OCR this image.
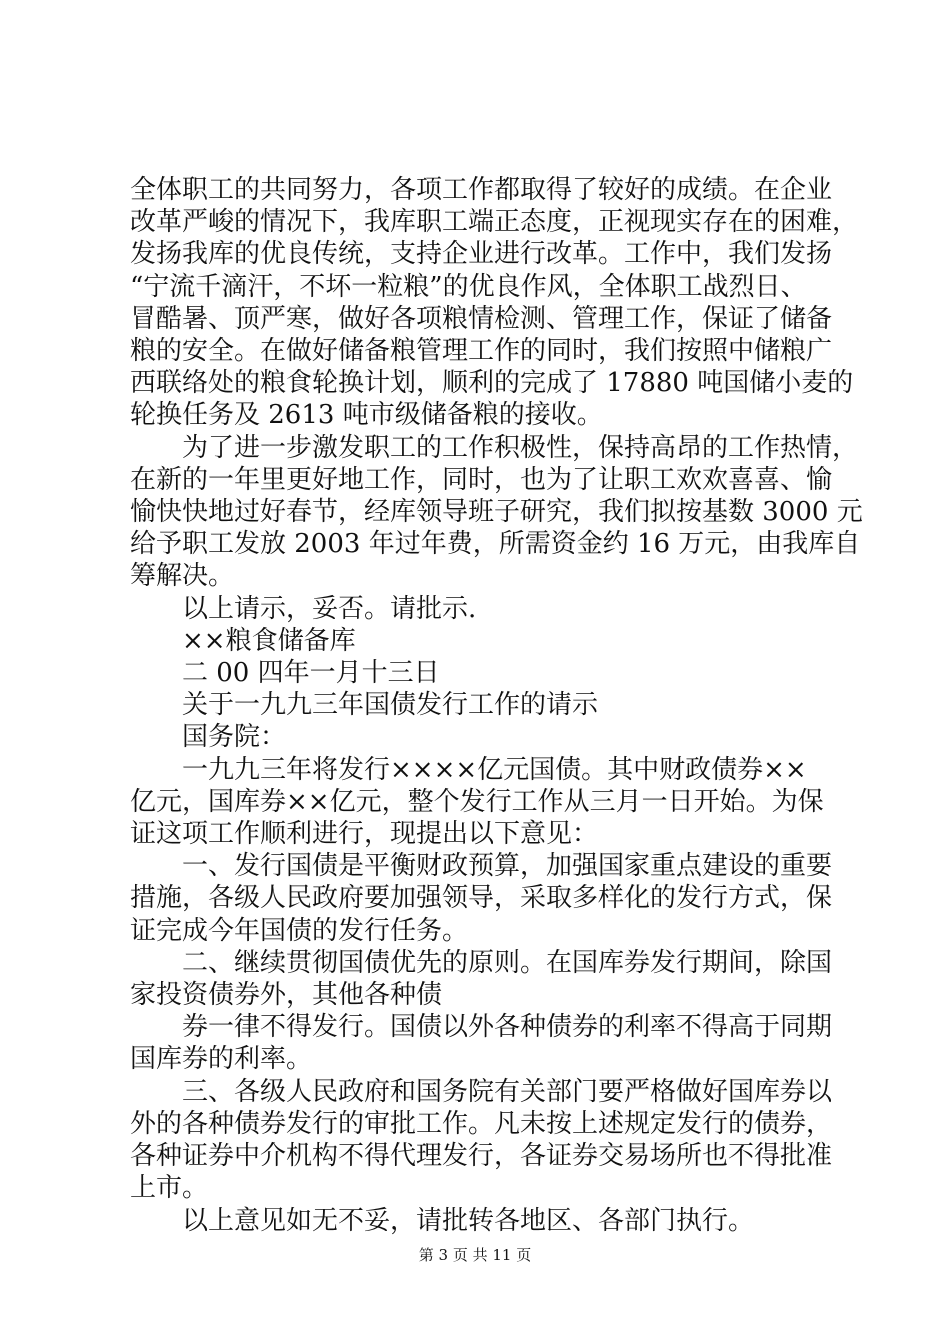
全体职工的共同努力，各项工作都取得了较好的成绩。在企业

改革严峻的情况下，我库职工端正态度，正视现实存在的困难，

发扬我库的优良传统，支持企业进行改革。工作中，我们发扬

“宁流千滴汗，不坏一粒粮”的优良作风，全体职工战烈日、

冒酷暑、顶严寒，做好各项粮情检测、管理工作，保证了储备

粮的安全。在做好储备粮管理工作的同时，我们按照中储粮广

西联络处的粮食轮换计划，顺利的完成了 17880 吨国储小麦的

轮换任务及 2613 吨市级储备粮的接收。

为了进一步激发职工的工作积极性，保持高昂的工作热情，

在新的一年里更好地工作，同时，也为了让职工欢欢喜喜、愉

愉快快地过好春节，经库领导班子研究，我们拟按基数 3000 元

给予职工发放 2003 年过年费，所需资金约 16 万元，由我库自

筹解决。

以上请示，妥否。请批示.

××粮食储备库

二 00 四年一月十三日

关于一九九三年国债发行工作的请示

国务院：

一九九三年将发行××××亿元国债。其中财政债券××

亿元，国库券××亿元，整个发行工作从三月一日开始。为保

证这项工作顺利进行，现提出以下意见：

一、发行国债是平衡财政预算，加强国家重点建设的重要

措施，各级人民政府要加强领导，采取多样化的发行方式，保

证完成今年国债的发行任务。

二、继续贯彻国债优先的原则。在国库券发行期间，除国

家投资债券外，其他各种债

券一律不得发行。国债以外各种债券的利率不得高于同期

国库券的利率。

三、各级人民政府和国务院有关部门要严格做好国库券以

外的各种债券发行的审批工作。凡未按上述规定发行的债券，

各种证券中介机构不得代理发行，各证券交易场所也不得批准

上市。

以上意见如无不妥，请批转各地区、各部门执行。

第 3 页 共 11 页
